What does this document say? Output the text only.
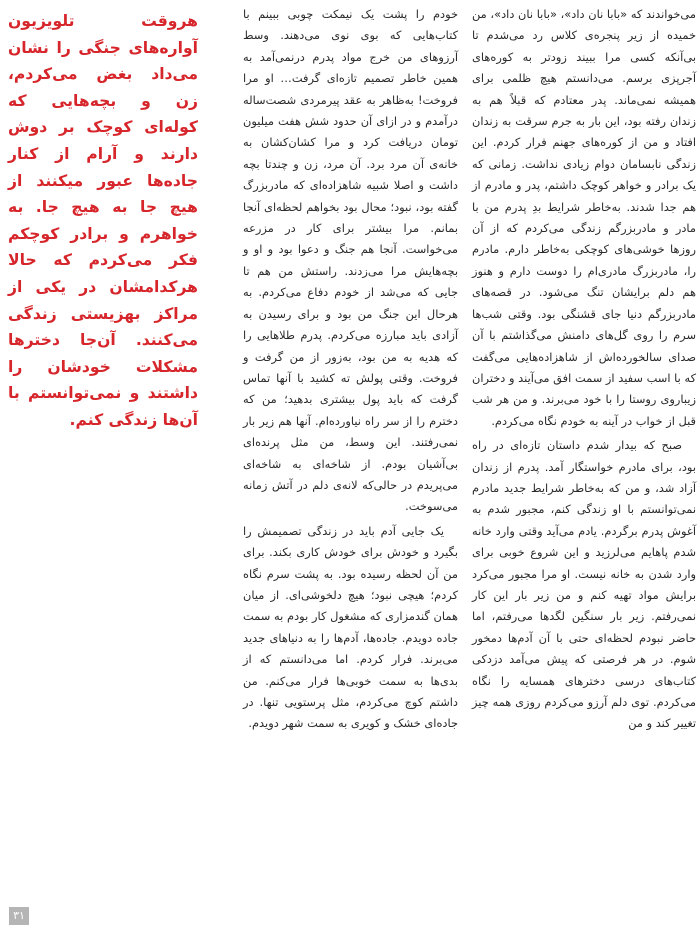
هروقت تلویزیون آواره‌های جنگی را نشان می‌داد بغض می‌کردم، زن و بچه‌هایی که کوله‌ای کوچک بر دوش دارند و آرام از کنار جاده‌ها عبور میکنند از هیچ جا به هیچ جا. به خواهرم و برادر کوچکم فکر می‌کردم که حالا هرکدامشان در یکی از مراکز بهزیستی زندگی می‌کنند. آن‌جا دخترها مشکلات خودشان را داشتند و نمی‌توانستم با آن‌ها زندگی کنم.

خودم را پشت یک نیمکت چوبی ببینم با کتاب‌هایی که بوی نوی می‌دهند. وسط آرزوهای من خرج مواد پدرم درنمی‌آمد به همین خاطر تصمیم تازه‌ای گرفت… او مرا فروخت! به‌ظاهر به عقد پیرمردی شصت‌ساله درآمدم و در ازای آن حدود شش هفت میلیون تومان دریافت کرد و مرا کشان‌کشان به خانه‌ی آن مرد برد. آن مرد، زن و چندتا بچه داشت و اصلا شبیه شاهزاده‌ای که مادربزرگ گفته بود، نبود؛ محال بود بخواهم لحظه‌ای آنجا بمانم. مرا بیشتر برای کار در مزرعه می‌خواست. آنجا هم جنگ و دعوا بود و او و بچه‌هایش مرا می‌زدند. راستش من هم تا جایی که می‌شد از خودم دفاع می‌کردم. به هرحال این جنگ من بود و برای رسیدن به آزادی باید مبارزه می‌کردم. پدرم طلاهایی را که هدیه به من بود، به‌زور از من گرفت و فروخت. وقتی پولش ته کشید با آنها تماس گرفت که باید پول بیشتری بدهید؛ من که دخترم را از سر راه نیاورده‌ام. آنها هم زیر بار نمی‌رفتند. این وسط، من مثل پرنده‌ای بی‌آشیان بودم. از شاخه‌ای به شاخه‌ای می‌پریدم در حالی‌که لانه‌ی دلم در آتش زمانه می‌سوخت.

یک جایی آدم باید در زندگی تصمیمش را بگیرد و خودش برای خودش کاری بکند. برای من آن لحظه رسیده بود. به پشت سرم نگاه کردم؛ هیچی نبود؛ هیچ دلخوشی‌ای. از میان همان گندمزاری که مشغول کار بودم به سمت جاده دویدم. جاده‌ها، آدم‌ها را به دنیاهای جدید می‌برند. فرار کردم. اما می‌دانستم که از بدی‌ها به سمت خوبی‌ها فرار می‌کنم. من داشتم کوچ می‌کردم، مثل پرستویی تنها. در جاده‌ای خشک و کویری به سمت شهر دویدم.

می‌خواندند که «بابا نان داد»، «بابا نان داد»، من خمیده از زیر پنجره‌ی کلاس رد می‌شدم تا بی‌آنکه کسی مرا ببیند زودتر به کوره‌های آجرپزی برسم. می‌دانستم هیچ ظلمی برای همیشه نمی‌ماند. پدر معتاد‌م که قبلاً هم به زندان رفته بود، این بار به جرم سرقت به زندان افتاد و من از کوره‌های جهنم فرار کردم. این زندگی نابسامان دوام زیادی نداشت. زمانی که یک برادر و خواهر کوچک داشتم، پدر و مادرم از هم جدا شدند. به‌خاطر شرایط بدِ پدرم من با مادر و مادربزرگم زندگی می‌کردم که از آن روزها خوشی‌های کوچکی به‌خاطر دارم. مادرم را، مادربزرگ مادری‌ام را دوست دارم و هنوز هم دلم برایشان تنگ می‌شود. در قصه‌های مادربزرگم دنیا جای قشنگی بود. وقتی شب‌ها سرم را روی گل‌های دامنش می‌گذاشتم با آن صدای سالخورده‌اش از شاهزاده‌هایی می‌گفت که با اسب سفید از سمت افق می‌آیند و دختران زیباروی روستا را با خود می‌برند. و من هر شب قبل از خواب در آینه به خودم نگاه می‌کردم.

صبح که بیدار شدم داستان تازه‌ای در راه بود، برای مادرم خواستگار آمد. پدرم از زندان آزاد شد، و من که به‌خاطر شرایط جدید مادرم نمی‌توانستم با او زندگی کنم، مجبور شدم به آغوش پدرم برگردم. یادم می‌آید وقتی وارد خانه شدم پاهایم می‌لرزید و این شروع خوبی برای وارد شدن به خانه نیست. او مرا مجبور می‌کرد برایش مواد تهیه کنم و من زیر بار این کار نمی‌رفتم. زیر بار سنگین لگدها می‌رفتم، اما حاضر نبودم لحظه‌ای حتی با آن آدم‌ها دمخور شوم. در هر فرصتی که پیش می‌آمد دزدکی کتاب‌های درسی دخترهای همسایه را نگاه می‌کردم. توی دلم آرزو می‌کردم روزی همه چیز تغییر کند و من

۳۱
